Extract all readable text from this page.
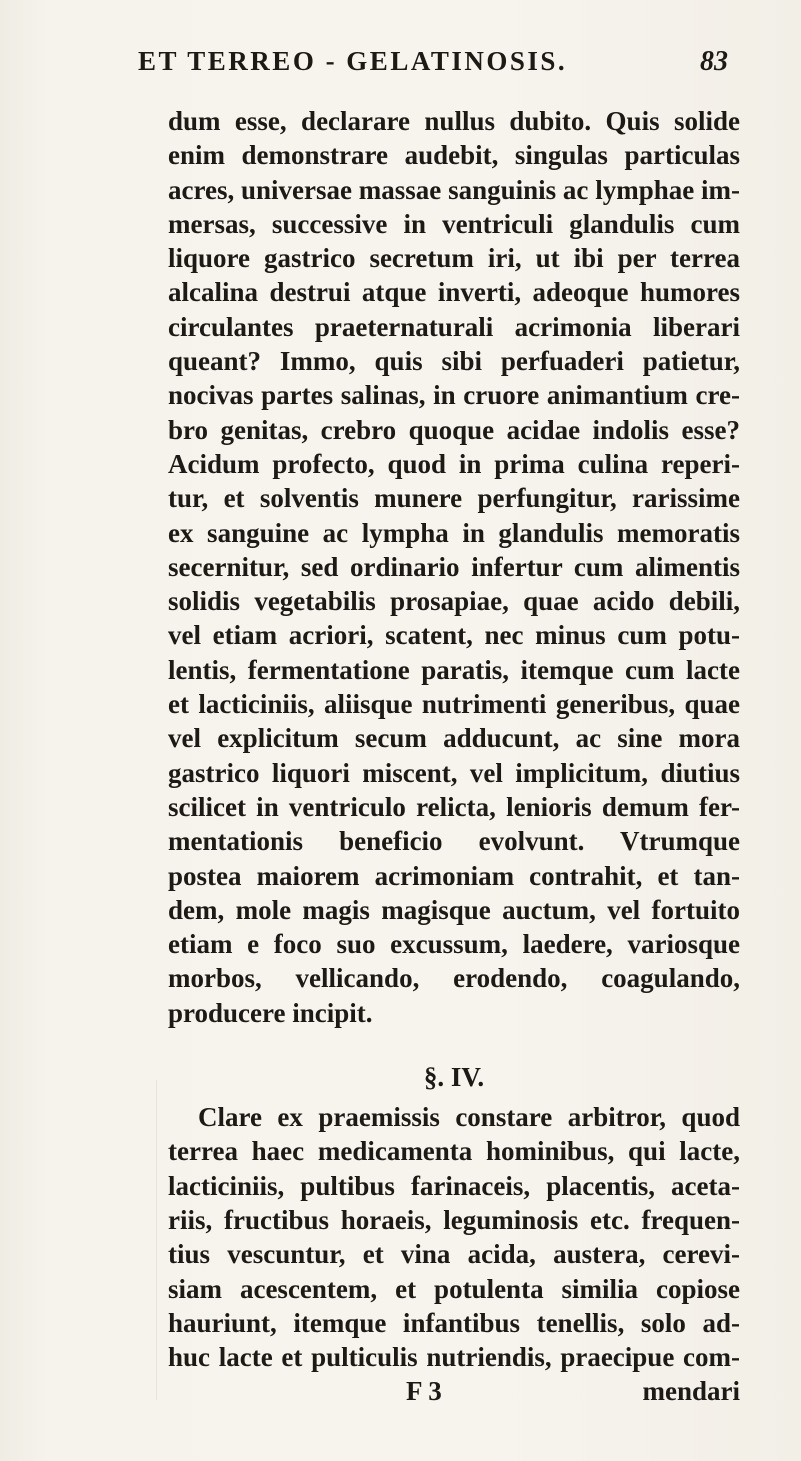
ET TERREO - GELATINOSIS.	83
dum esse, declarare nullus dubito. Quis solide
enim demonstrare audebit, singulas particulas
acres, universae massae sanguinis ac lymphae im-
mersas, successive in ventriculi glandulis cum
liquore gastrico secretum iri, ut ibi per terrea
alcalina destrui atque inverti, adeoque humores
circulantes praeternaturali acrimonia liberari
queant? Immo, quis sibi perfuaderi patietur,
nocivas partes salinas, in cruore animantium cre-
bro genitas, crebro quoque acidae indolis esse?
Acidum profecto, quod in prima culina reperi-
tur, et solventis munere perfungitur, rarissime
ex sanguine ac lympha in glandulis memoratis
secernitur, sed ordinario infertur cum alimentis
solidis vegetabilis prosapiae, quae acido debili,
vel etiam acriori, scatent, nec minus cum potu-
lentis, fermentatione paratis, itemque cum lacte
et lacticiniis, aliisque nutrimenti generibus, quae
vel explicitum secum adducunt, ac sine mora
gastrico liquori miscent, vel implicitum, diutius
scilicet in ventriculo relicta, lenioris demum fer-
mentationis beneficio evolvunt. Vtrumque
postea maiorem acrimoniam contrahit, et tan-
dem, mole magis magisque auctum, vel fortuito
etiam e foco suo excussum, laedere, variosque
morbos, vellicando, erodendo, coagulando,
producere incipit.
§. IV.
Clare ex praemissis constare arbitror, quod
terrea haec medicamenta hominibus, qui lacte,
lacticiniis, pultibus farinaceis, placentis, aceta-
riis, fructibus horaeis, leguminosis etc. frequen-
tius vescuntur, et vina acida, austera, cerevi-
siam acescentem, et potulenta similia copiose
hauriunt, itemque infantibus tenellis, solo ad-
huc lacte et pulticulis nutriendis, praecipue com-
F 3	mendari
